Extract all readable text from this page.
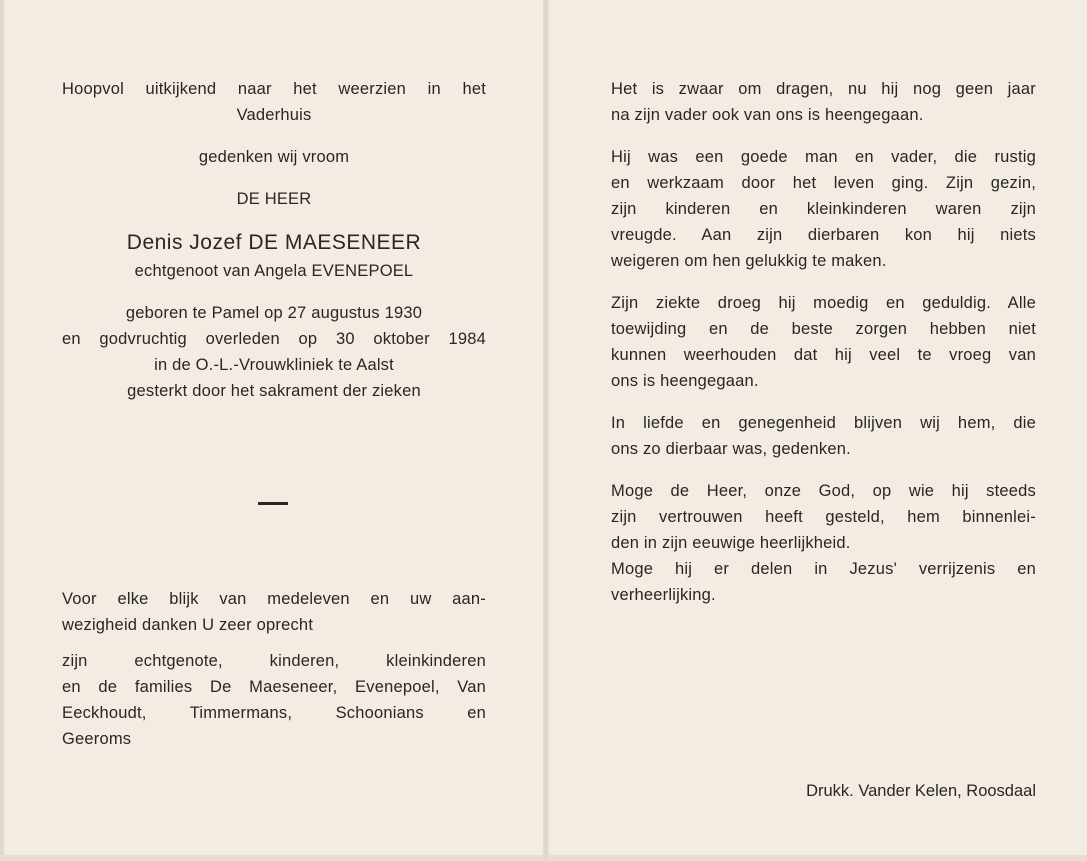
Hoopvol uitkijkend naar het weerzien in het
Vaderhuis
gedenken wij vroom
DE HEER
Denis Jozef DE MAESENEER
echtgenoot van Angela EVENEPOEL
geboren te Pamel op 27 augustus 1930
en godvruchtig overleden op 30 oktober 1984
in de O.-L.-Vrouwkliniek te Aalst
gesterkt door het sakrament der zieken
Voor elke blijk van medeleven en uw aan-
wezigheid danken U zeer oprecht
zijn echtgenote, kinderen, kleinkinderen
en de families De Maeseneer, Evenepoel, Van
Eeckhoudt, Timmermans, Schoonians en
Geeroms
Het is zwaar om dragen, nu hij nog geen jaar
na zijn vader ook van ons is heengegaan.
Hij was een goede man en vader, die rustig
en werkzaam door het leven ging. Zijn gezin,
zijn kinderen en kleinkinderen waren zijn
vreugde. Aan zijn dierbaren kon hij niets
weigeren om hen gelukkig te maken.
Zijn ziekte droeg hij moedig en geduldig. Alle
toewijding en de beste zorgen hebben niet
kunnen weerhouden dat hij veel te vroeg van
ons is heengegaan.
In liefde en genegenheid blijven wij hem, die
ons zo dierbaar was, gedenken.
Moge de Heer, onze God, op wie hij steeds
zijn vertrouwen heeft gesteld, hem binnenlei-
den in zijn eeuwige heerlijkheid.
Moge hij er delen in Jezus' verrijzenis en
verheerlijking.
Drukk. Vander Kelen, Roosdaal
